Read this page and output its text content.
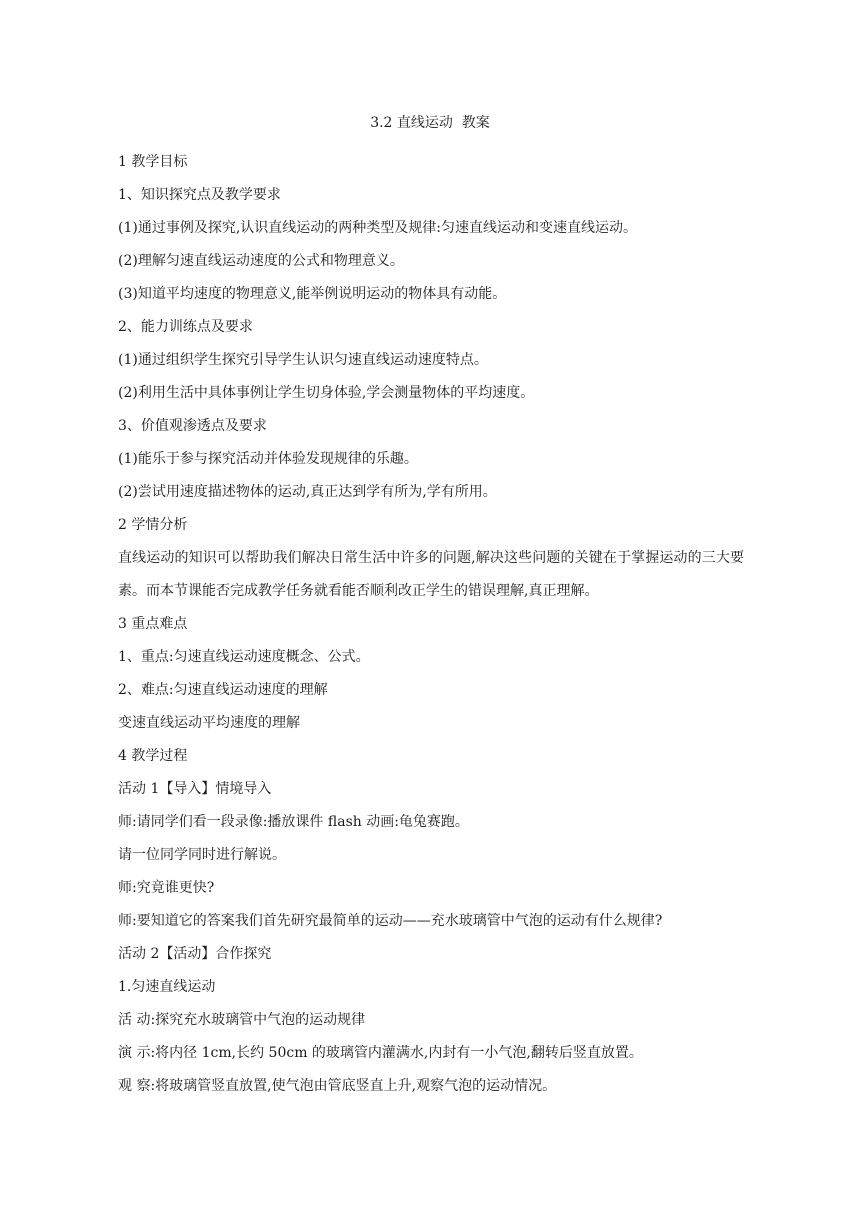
3.2 直线运动  教案
1 教学目标
1、知识探究点及教学要求
(1)通过事例及探究,认识直线运动的两种类型及规律:匀速直线运动和变速直线运动。
(2)理解匀速直线运动速度的公式和物理意义。
(3)知道平均速度的物理意义,能举例说明运动的物体具有动能。
2、能力训练点及要求
(1)通过组织学生探究引导学生认识匀速直线运动速度特点。
(2)利用生活中具体事例让学生切身体验,学会测量物体的平均速度。
3、价值观渗透点及要求
(1)能乐于参与探究活动并体验发现规律的乐趣。
(2)尝试用速度描述物体的运动,真正达到学有所为,学有所用。
2 学情分析

直线运动的知识可以帮助我们解决日常生活中许多的问题,解决这些问题的关键在于掌握运动的三大要素。而本节课能否完成教学任务就看能否顺利改正学生的错误理解,真正理解。

3 重点难点
1、重点:匀速直线运动速度概念、公式。
2、难点:匀速直线运动速度的理解
变速直线运动平均速度的理解
4 教学过程
活动 1【导入】情境导入
师:请同学们看一段录像:播放课件 flash 动画:龟兔赛跑。
请一位同学同时进行解说。
师:究竟谁更快?
师:要知道它的答案我们首先研究最简单的运动——充水玻璃管中气泡的运动有什么规律?
活动 2【活动】合作探究
1.匀速直线运动
活 动:探究充水玻璃管中气泡的运动规律
演 示:将内径 1cm,长约 50cm 的玻璃管内灌满水,内封有一小气泡,翻转后竖直放置。
观 察:将玻璃管竖直放置,使气泡由管底竖直上升,观察气泡的运动情况。
